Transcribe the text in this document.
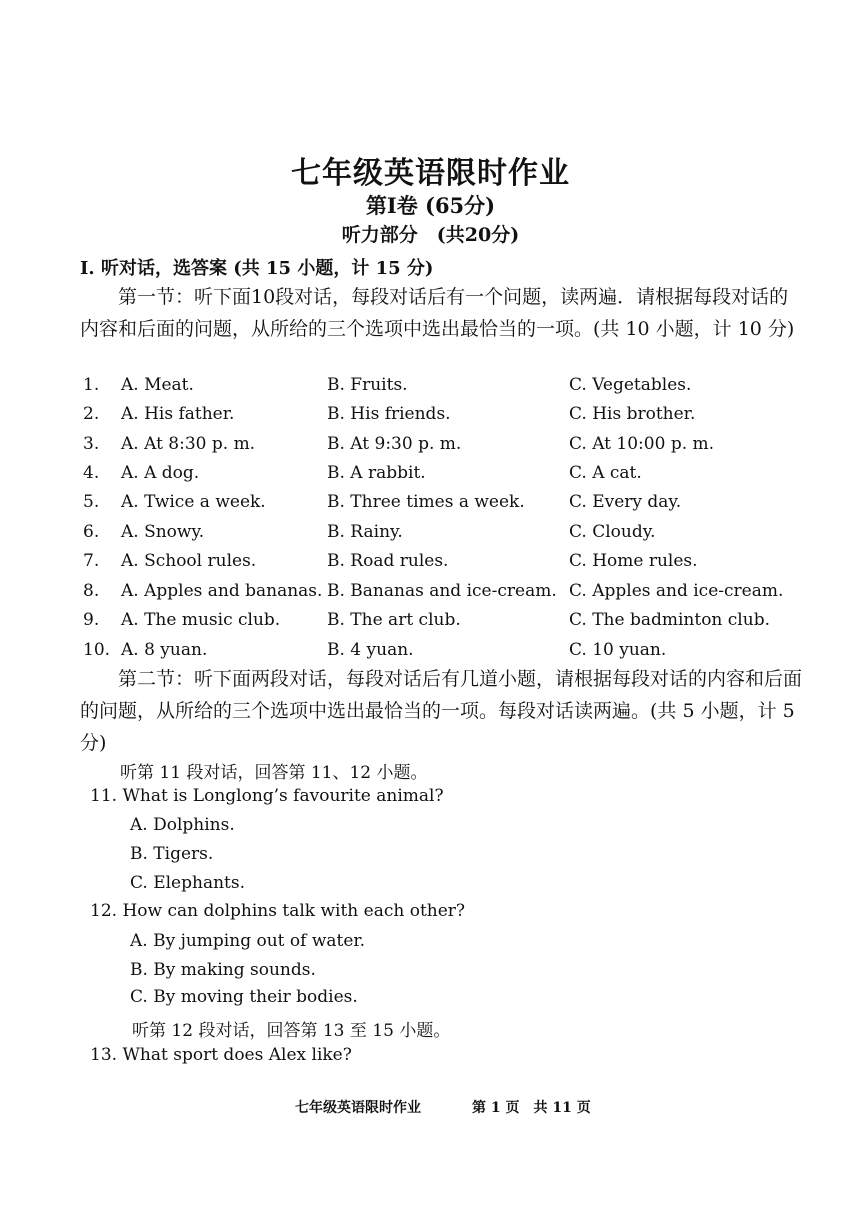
七年级英语限时作业
第Ⅰ卷 (65分)
听力部分　(共20分)
I. 听对话，选答案 (共 15 小题，计 15 分)
第一节：听下面10段对话，每段对话后有一个问题，读两遍．请根据每段对话的内容和后面的问题，从所给的三个选项中选出最恰当的一项。(共 10 小题，计 10 分)
1. A. Meat.	B. Fruits.	C. Vegetables.
2. A. His father.	B. His friends.	C. His brother.
3. A. At 8:30 p. m.	B. At 9:30 p. m.	C. At 10:00 p. m.
4. A. A dog.	B. A rabbit.	C. A cat.
5. A. Twice a week.	B. Three times a week.	C. Every day.
6. A. Snowy.	B. Rainy.	C. Cloudy.
7. A. School rules.	B. Road rules.	C. Home rules.
8. A. Apples and bananas. B. Bananas and ice-cream. C. Apples and ice-cream.
9. A. The music club.	B. The art club.	C. The badminton club.
10. A. 8 yuan.	B. 4 yuan.	C. 10 yuan.
第二节：听下面两段对话，每段对话后有几道小题，请根据每段对话的内容和后面的问题，从所给的三个选项中选出最恰当的一项。每段对话读两遍。(共 5 小题，计 5 分)
听第 11 段对话，回答第 11、12 小题。
11. What is Longlong’s favourite animal?
A. Dolphins.
B. Tigers.
C. Elephants.
12. How can dolphins talk with each other?
A. By jumping out of water.
B. By making sounds.
C. By moving their bodies.
听第 12 段对话，回答第 13 至 15 小题。
13. What sport does Alex like?
七年级英语限时作业	第 1 页　共 11 页
